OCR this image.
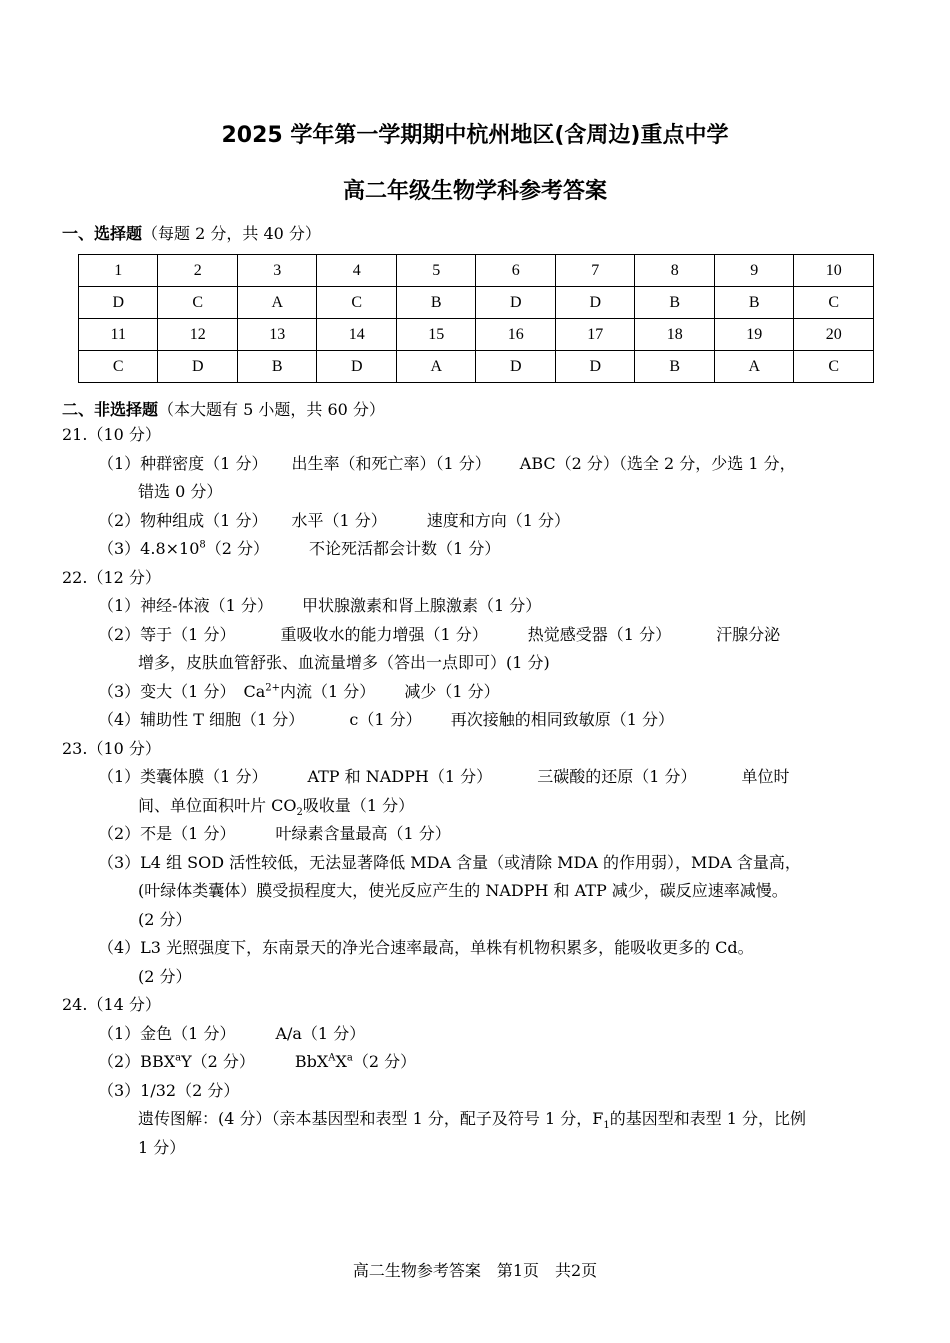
2025 学年第一学期期中杭州地区(含周边)重点中学
高二年级生物学科参考答案
一、选择题（每题 2 分，共 40 分）
1	2	3	4	5	6	7	8	9	10
D	C	A	C	B	D	D	B	B	C
11	12	13	14	15	16	17	18	19	20
C	D	B	D	A	D	D	B	A	C
二、非选择题（本大题有 5 小题，共 60 分）
21.（10 分）
（1）种群密度（1 分）　　出生率（和死亡率）（1 分）　　 ABC（2 分）（选全 2 分，少选 1 分，
错选 0 分）
（2）物种组成（1 分）　　水平（1 分）　　　速度和方向（1 分）
$(3)4.8\times 10^8(2$ 分）　　　不论死活都会计数（1 分）
22.（12 分）
（1）神经-体液（1 分）　　 甲状腺激素和肾上腺激素（1 分）
（2）等于（1 分）　　　 重吸收水的能力增强（1 分）　　　热觉感受器（1 分）　　　 汗腺分泌
增多，皮肤血管舒张、血流量增多（答出一点即可）(1 分)
（3）变大（1 分）　$Ca^{2+}$内流（1 分）　　 减少（1 分）
（4）辅助性 T 细胞（1 分）　　　 c（1 分）　　 再次接触的相同致敏原（1 分）
23.（10 分）
（1）类囊体膜（1 分）　　　ATP 和 NADPH（1 分）　　　 三碳酸的还原（1 分）　　　 单位时
间、单位面积叶片 $CO_2$吸收量（1 分）
（2）不是（1 分）　　　叶绿素含量最高（1 分）
（3）L4 组 SOD 活性较低，无法显著降低 MDA 含量（或清除 MDA 的作用弱），MDA 含量高，
(叶绿体类囊体）膜受损程度大，使光反应产生的 NADPH 和 ATP 减少，碳反应速率减慢。
(2 分）
（4）L3 光照强度下，东南景天的净光合速率最高，单株有机物积累多，能吸收更多的 Cd。
(2 分）
24.（14 分）
（1）金色（1 分）　　　A/a（1 分）
（2）BBX$^a$Y（2 分）　　　$BbX^AX^a(2$ 分）
（3）1/32（2 分）
遗传图解：(4 分）（亲本基因型和表型 1 分，配子及符号 1 分，$F_1$的基因型和表型 1 分，比例
1 分）
高二生物参考答案　第1页　共2页
